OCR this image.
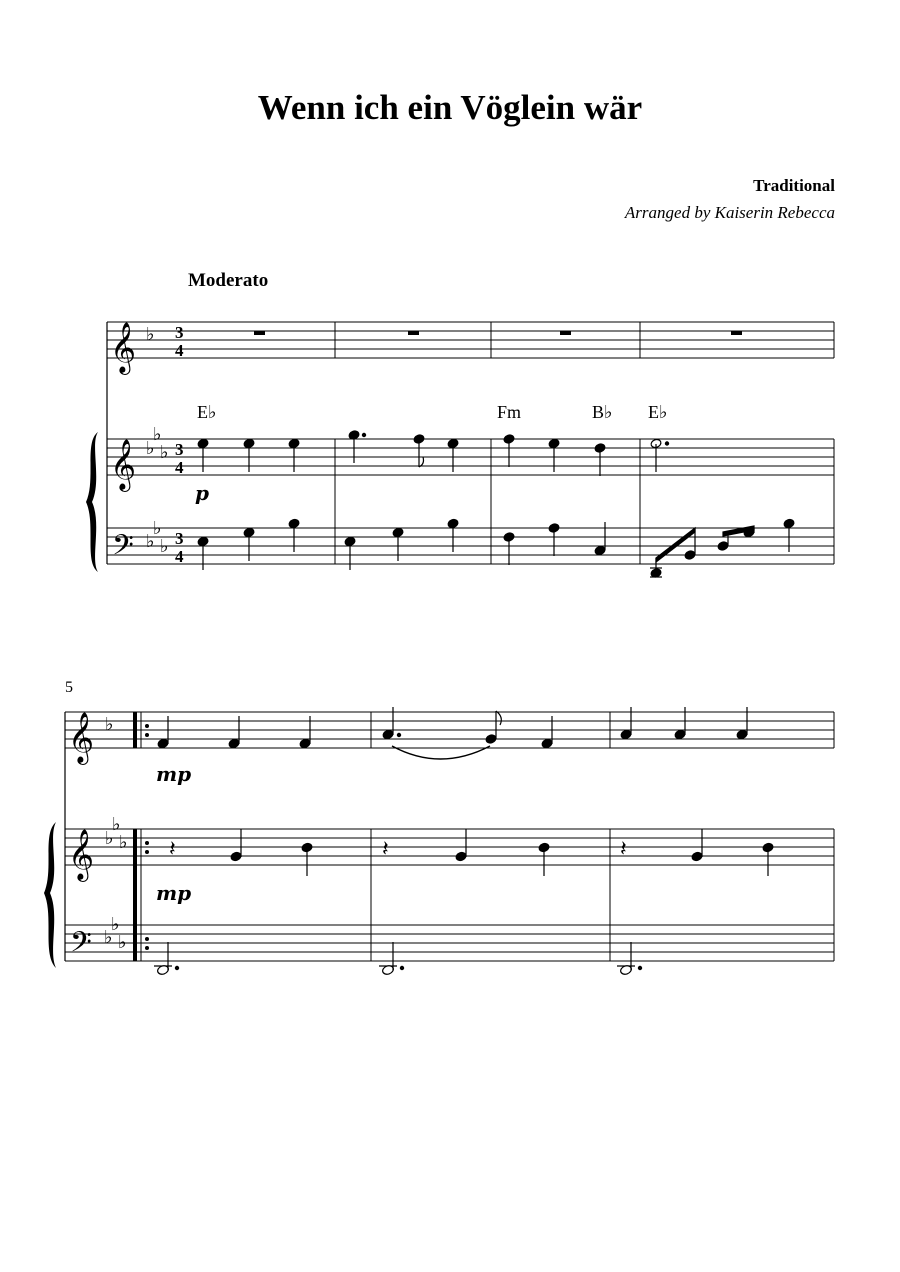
Wenn ich ein Vöglein wär
Traditional
Arranged by Kaiserin Rebecca
Moderato
𝄞
𝄞
𝄢
𝄞
𝄞
𝄢
♭
♭
♭
♭
♭
♭
♭
♭
♭
♭
♭
♭
♭
♭
3
4
3
4
3
4
E♭	Fm	B♭ E♭
p
mp
mp
5
𝄽	𝄽	𝄽
